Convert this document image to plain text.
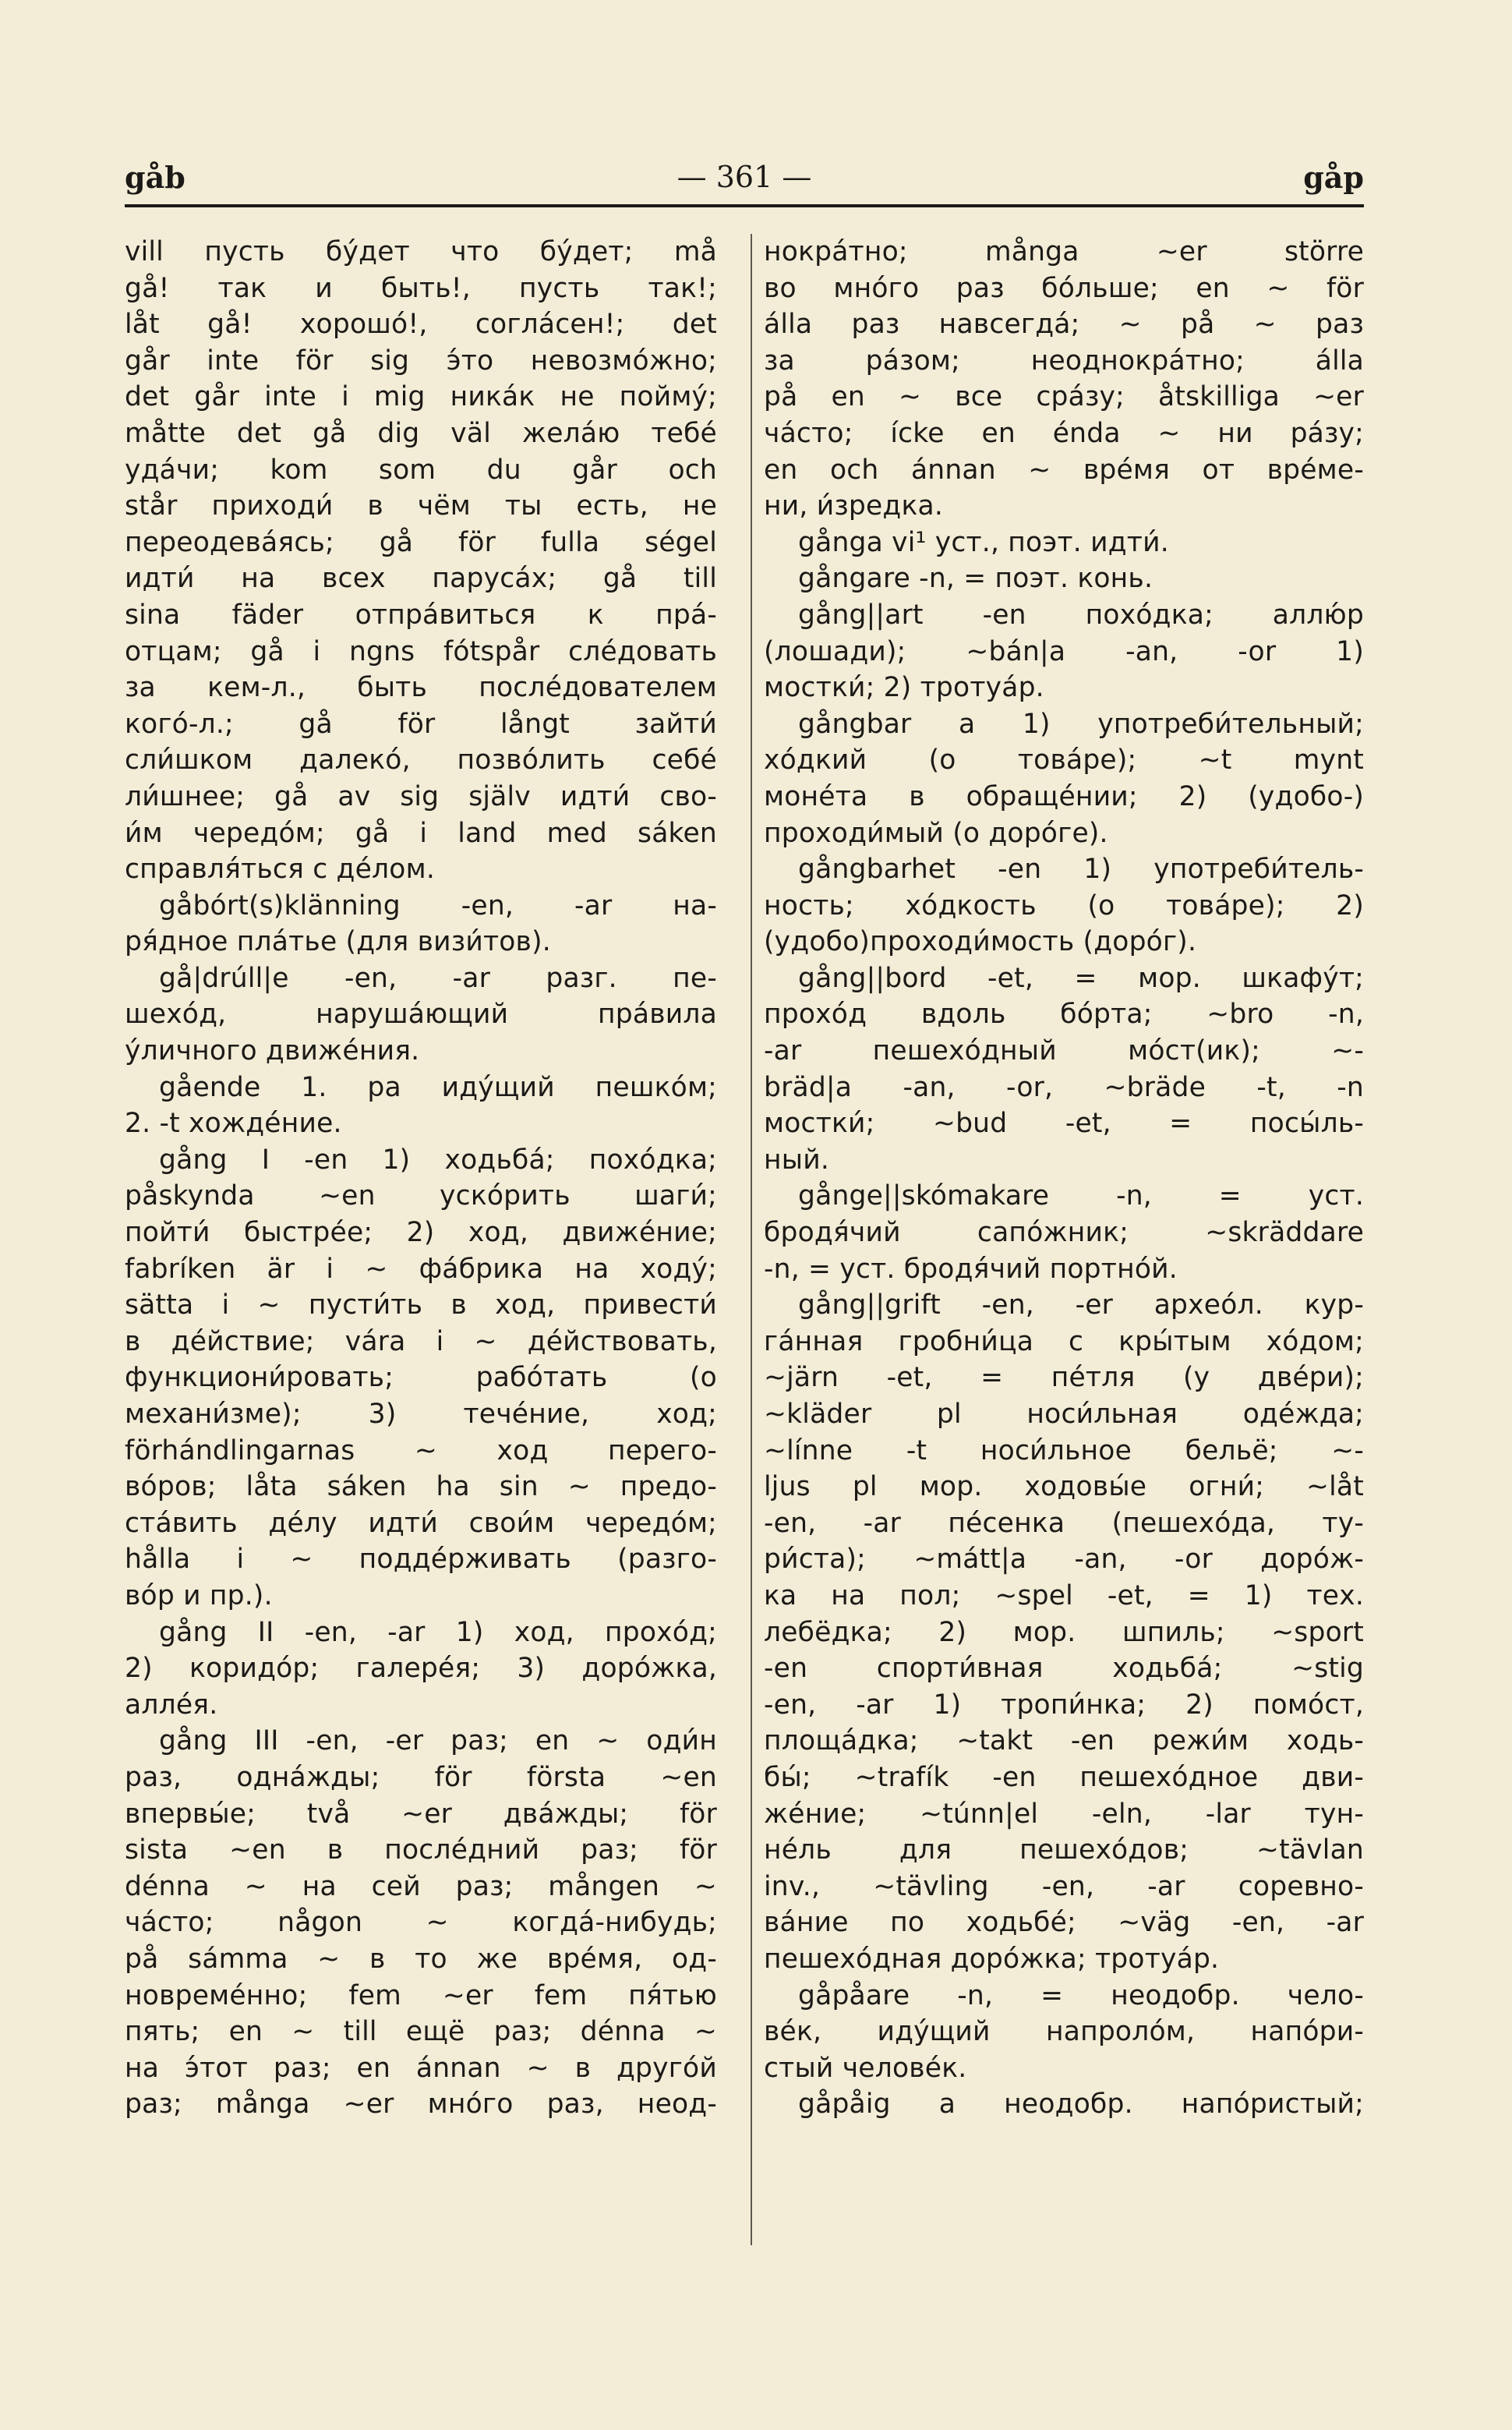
gåb	— 361 —	gåp
vill пусть бу́дет что бу́дет; må
gå! так и быть!, пусть так!;
låt gå! хорошо́!, согла́сен!; det
går inte för sig э́то невозмо́жно;
det går inte i mig ника́к не пойму́;
måtte det gå dig väl жела́ю тебе́
уда́чи; kom som du går och
står приходи́ в чём ты есть, не
переодева́ясь; gå för fulla ségel
идти́ на всех паруса́х; gå till
sina fäder отпра́виться к пра́-
отцам; gå i ngns fótspår сле́довать
за кем-л., быть после́дователем
кого́-л.; gå för långt зайти́
сли́шком далеко́, позво́лить себе́
ли́шнее; gå av sig själv идти́ сво-
и́м чередо́м; gå i land med sáken
справля́ться с де́лом.
gåbórt(s)klänning -en, -ar на-
ря́дное пла́тье (для визи́тов).
gå|drúll|e -en, -ar разг. пе-
шехо́д, наруша́ющий пра́вила
у́личного движе́ния.
gående 1. pa иду́щий пешко́м;
2. -t хожде́ние.
gång I -en 1) ходьба́; похо́дка;
påskynda ~en уско́рить шаги́;
пойти́ быстре́е; 2) ход, движе́ние;
fabríken är i ~ фа́брика на ходу́;
sätta i ~ пусти́ть в ход, привести́
в де́йствие; vára i ~ де́йствовать,
функциони́ровать; рабо́тать (о
механи́зме); 3) тече́ние, ход;
förhándlingarnas ~ ход перего-
во́ров; låta sáken ha sin ~ предо-
ста́вить де́лу идти́ свои́м чередо́м;
hålla i ~ подде́рживать (разго-
во́р и пр.).
gång II -en, -ar 1) ход, прохо́д;
2) коридо́р; галере́я; 3) доро́жка,
алле́я.
gång III -en, -er раз; en ~ оди́н
раз, одна́жды; för första ~en
впервы́е; två ~er два́жды; för
sista ~en в после́дний раз; för
dénna ~ на сей раз; mången ~
ча́сто; någon ~ когда́-нибудь;
på sámma ~ в то же вре́мя, од-
новреме́нно; fem ~er fem пя́тью
пять; en ~ till ещё раз; dénna ~
на э́тот раз; en ánnan ~ в друго́й
раз; många ~er мно́го раз, неод-
нокра́тно; många ~er större
во мно́го раз бо́льше; en ~ för
álla раз навсегда́; ~ på ~ раз
за ра́зом; неоднокра́тно; álla
på en ~ все сра́зу; åtskilliga ~er
ча́сто; ícke en énda ~ ни ра́зу;
en och ánnan ~ вре́мя от вре́ме-
ни, и́зредка.
gånga vi¹ уст., поэт. идти́.
gångare -n, = поэт. конь.
gång||art -en похо́дка; аллю́р
(лошади); ~bán|a -an, -or 1)
мостки́; 2) тротуа́р.
gångbar a 1) употреби́тельный;
хо́дкий (о това́ре); ~t mynt
моне́та в обраще́нии; 2) (удобо-)
проходи́мый (о доро́ге).
gångbarhet -en 1) употреби́тель-
ность; хо́дкость (о това́ре); 2)
(удобо)проходи́мость (доро́г).
gång||bord -et, = мор. шкафу́т;
прохо́д вдоль бо́рта; ~bro -n,
-ar пешехо́дный мо́ст(ик); ~-
bräd|a -an, -or, ~bräde -t, -n
мостки́; ~bud -et, = посы́ль-
ный.
gånge||skómakare -n, = уст.
бродя́чий сапо́жник; ~skräddare
-n, = уст. бродя́чий портно́й.
gång||grift -en, -er архео́л. кур-
га́нная гробни́ца с кры́тым хо́дом;
~järn -et, = пе́тля (у две́ри);
~kläder pl носи́льная оде́жда;
~línne -t носи́льное бельё; ~-
ljus pl мор. ходовы́е огни́; ~låt
-en, -ar пе́сенка (пешехо́да, ту-
ри́ста); ~mátt|a -an, -or доро́ж-
ка на пол; ~spel -et, = 1) тех.
лебёдка; 2) мор. шпиль; ~sport
-en спорти́вная ходьба́; ~stig
-en, -ar 1) тропи́нка; 2) помо́ст,
площа́дка; ~takt -en режи́м ходь-
бы́; ~trafík -en пешехо́дное дви-
же́ние; ~túnn|el -eln, -lar тун-
не́ль для пешехо́дов; ~tävlan
inv., ~tävling -en, -ar соревно-
ва́ние по ходьбе́; ~väg -en, -ar
пешехо́дная доро́жка; тротуа́р.
gåpåare -n, = неодобр. чело-
ве́к, иду́щий напроло́м, напо́ри-
стый челове́к.
gåpåig a неодобр. напо́ристый;
